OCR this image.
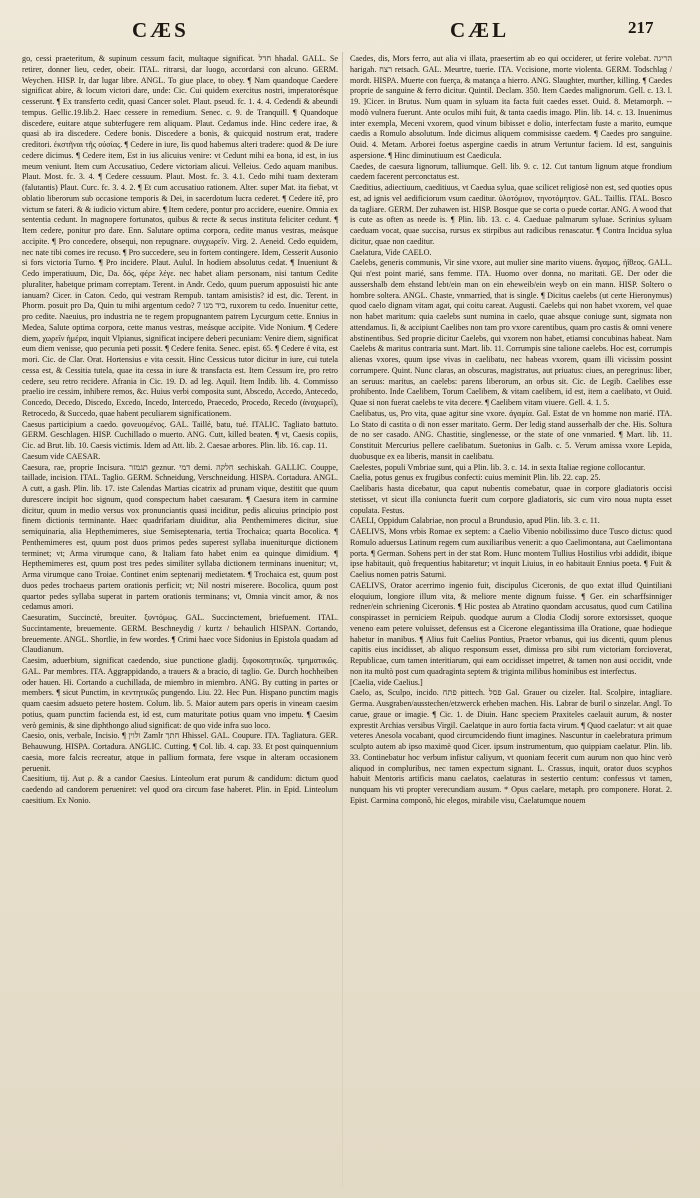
CÆS	CÆL	217

go, cessi praeteritum, & supinum cessum facit, multaque significat. חדל hhadal. GALL. Se retirer, donner lieu, ceder, obeir. ITAL. ritrarsi, dar luogo, accordarsi con alcuno. GERM. Weychen. HISP. Ir, dar lugar libre. ANGL. To giue place, to obey. ¶ Nam quandoque Caedere significat abire, & locum victori dare, unde: Cic. Cui quidem exercitus nostri, imperatorésque cesserunt. ¶ Ex transferto cedit, quasi Cancer solet. Plaut. pseud. fc. 1. 4. 4. Cedendi & abeundi tempus. Gellic.19.lib.2. Haec cessere in remedium. Senec. c. 9. de Tranquill. ¶ Quandoque discedere, euitare atque subterfugere rem aliquam. Plaut. Cedamus inde. Hinc cedere irae, & quasi ab ira discedere. Cedere bonis. Discedere a bonis, & quicquid nostrum erat, tradere creditori. ἐκστῆναι τῆς οὐσίας. ¶ Cedere in iure, Iis quod habemus alteri tradere: quod & De iure cedere dicimus. ¶ Cedere item, Est in ius alicuius venire: vt Cedunt mihi ea bona, id est, in ius meum veniunt. Item cum Accusatiuo, Cedere victoriam alicui. Velleius. Cedo aquam manibus. Plaut. Most. fc. 3. 4. ¶ Cedere cessuum. Plaut. Most. fc. 3. 4.1. Cedo mihi tuam dexteram (falutantis) Plaut. Curc. fc. 3. 4. 2. ¶ Et cum accusatiuo rationem. Alter. super Mat. ita fiebat, vt oblatio liberorum sub occasione temporis & Dei, in sacerdotum lucra cederet. ¶ Cedere itē, pro victum se fateri. & & iudicio victum abire. ¶ Item cedere, pontur pro accidere, euenire. Omnia ex sententia cedunt. In magnopere fortunatos, quibus & recte & secus instituta feliciter cedunt. ¶ Item cedere, ponitur pro dare. Enn. Salutare optima corpora, cedite manus vestras, meásque accipite. ¶ Pro concedere, obsequi, non repugnare. συγχωρεῖν. Virg. 2. Aeneid. Cedo equidem, nec nate tibi comes ire recuso. ¶ Pro succedere, seu in fortem contingere. Idem, Cesserit Ausonio si fors victoria Turno. ¶ Pro incidere. Plaut. Aulul. In hodiem absolutus cedat. ¶ Inueniunt & Cedo imperatiuum, Dic, Da. δός, φέρε λέγε. nec habet aliam personam, nisi tantum Cedite pluraliter, habetque primam correptam. Terent. in Andr. Cedo, quum puerum apposuisti hic ante ianuam? Cicer. in Caton. Cedo, qui vestram Rempub. tantam amisistis? id est, dic. Terent. in Phorm. posuit pro Da, Quin tu mihi argentum cedo? 7 ביד מנו, ruxorem tu cedo. Inuenitur cette, pro cedite. Naeuius, pro industria ne te regem propugnantem patrem Lycurgum cette. Ennius in Medea, Salute optima corpora, cette manus vestras, meásque accipite. Vide Nonium. ¶ Cedere diem, χωρεῖν ἡμέρα, inquit Vlpianus, significat incipere deberi pecuniam: Venire diem, significat eum diem venisse, quo pecunia peti possit. ¶ Cedere fenita. Senec. epist. 65. ¶ Cedere é vita, est mori. Cic. de Clar. Orat. Hortensius e vita cessit. Hinc Cessicus tutor dicitur in iure, cui tutela cessa est, & Cessitia tutela, quae ita cessa in iure & transfacta est. Item Cessum ire, pro retro cedere, seu retro recidere. Afrania in Cic. 19. D. ad leg. Aquil. Item Indib. lib. 4. Commisso praelio ire cessim, inhibere remos, &c. Huius verbi composita sunt, Abscedo, Accedo, Antecedo, Concedo, Decedo, Discedo, Excedo, Incedo, Intercedo, Praecedo, Procedo, Recedo (ἀναχωρεῖ), Retrocedo, & Succedo, quae habent peculiarem significationem.

Caesus participium a caedo. φονευομένος. GAL. Taillé, batu, tué. ITALIC. Tagliato battuto. GERM. Geschlagen. HISP. Cuchillado o muerto. ANG. Cutt, killed beaten. ¶ vt, Caesis copiis, Cic. ad Brut. lib. 10. Caesis victimis. Idem ad Att. lib. 2. Caesae arbores. Plin. lib. 16. cap. 11.

Caesum vide CAESAR.

Caesura, rae, proprie Incisura. תגמזר geznur. דמי demi. חלקה sechiskah. GALLIC. Couppe, taillade, incision. ITAL. Taglio. GERM. Schneidung, Verschneidung. HISPA. Cortadura. ANGL. A cutt, a gash. Plin. lib. 17. iste Calendas Martias cicatrix ad prunam vique, destitit que quum durescere incipit hoc signum, quod conspectum habet caesuram. ¶ Caesura item in carmine dicitur, quum in medio versus vox pronunciantis quasi inciditur, pedis alicuius principio post finem dictionis terminante. Haec quadrifariam diuiditur, alia Penthemimeres dicitur, siue semiquinaria, alia Hepthemimeres, siue Semiseptenaria, tertia Trochaica; quarta Bocolica. ¶ Penthemimeres est, quum post duos primos pedes superest syllaba inueniturque dictionem terminet; vt; Arma virumque cano, & Italiam fato habet enim ea quinque dimidium. ¶ Hepthemimeres est, quum post tres pedes similiter syllaba dictionem terminans inuenitur; vt, Arma virumque cano Troiae. Continet enim septenarij medietatem. ¶ Trochaica est, quum post duos pedes trochaeus partem orationis perficit; vt; Nil nostri miserere. Bocolica, quum post quartor pedes syllaba superat in partem orationis terminans; vt, Omnia vincit amor, & nos cedamus amori.

Caesuratim, Succinctè, breuiter. ξυντόμως. GAL. Succinctement, briefuement. ITAL. Succintamente, breuemente. GERM. Beschneydig / kurtz / behaulich HISPAN. Cortando, breuemente. ANGL. Shortlie, in few wordes. ¶ Crimi haec voce Sidonius in Epistola quadam ad Claudianum.

Caesim, aduerbium, significat caedendo, siue punctione gladij. ξιφοκοπητικῶς. τμηματικῶς. GAL. Par membres. ITA. Aggrappidando, a trauers & a bracio, di taglio. Ge. Durch hochheiben oder hauen. Hi. Cortando a cuchillada, de miembro in miembro. ANG. By cutting in partes or members. ¶ sicut Punctim, in κεντητικῶς pungendo. Liu. 22. Hec Pun. Hispano punctim magis quam caesim adsueto petere hostem. Colum. lib. 5. Maior autem pars operis in vineam caesim potius, quam punctim facienda est, id est, cum maturitate potius quam vno impetu. ¶ Caesim verò geminis, & sine diphthongo aliud significat: de quo vide infra suo loco.

Caesio, onis, verbale, Incisio. ¶ ולוין Zamlr חתך Hhissel. GAL. Coupure. ITA. Tagliatura. GER. Behauwung. HISPA. Cortadura. ANGLIC. Cutting. ¶ Col. lib. 4. cap. 33. Et post quinquennium caesia, more falcis recreatur, atque in pallium formata, fere vsque in alteram occasionem peruenit.

Caesitium, tij. Aut ρ. & a candor Caesius. Linteolum erat purum & candidum: dictum quod caedendo ad candorem perueniret: vel quod ora circum fase haberet. Plin. in Epid. Linteolum caesitium. Ex Nonio.

Caedes, dis, Mors ferro, aut alia vi illata, praesertim ab eo qui occiderer, ut ferire volebat. הריגה harigah. רצח retsach. GAL. Meurtre, tuerie. ITA. Vccisione, morte violenta. GERM. Todschlag / mordt. HISPA. Muerte con fuerça, & matança a hierro. ANG. Slaughter, murther, killing. ¶ Caedes proprie de sanguine & ferro dicitur. Quintil. Declam. 350. Item Caedes malignorum. Gell. c. 13. l. 19. ]Cicer. in Brutus. Num quam in syluam ita facta fuit caedes esset. Ouid. 8. Metamorph. -- modò vulnera fuerunt. Ante oculos mihi fuit, & tanta caedis imago. Plin. lib. 14. c. 13. Inuenimus inter exempla, Meceni vxorem, quod vinum bibisset e dolio, interfectam fuste a marito, eumque caedis a Romulo absolutum. Inde dicimus aliquem commisisse caedem. ¶ Caedes pro sanguine. Ouid. 4. Metam. Arborei foetus aspergine caedis in atrum Vertuntur faciem. Id est, sanguinis aspersione. ¶ Hinc diminutiuum est Caedicula.

Caedes, de caesura lignorum, talliumque. Gell. lib. 9. c. 12. Cut tantum lignum atque frondium caedem facerent perconctatus est.

Caeditius, adiectiuum, caeditiuus, vt Caedua sylua, quae scilicet religiosè non est, sed quoties opus est, ad ignis vel aedificiorum vsum caeditur. ὑλοτόμιον, τηνοτόμητον. GAL. Taillis. ITAL. Bosco da tagliare. GERM. Der zuhawen ist. HISP. Bosque que se corta o puede cortar. ANG. A wood that is cute as often as neede is. ¶ Plin. lib. 13. c. 4. Caeduae palmarum syluae. Scrinius syluam caeduam vocat, quae succisa, rursus ex stirpibus aut radicibus renascatur. ¶ Contra Incidua sylua dicitur, quae non caeditur.

Caelatura, Vide CAELO.

Caelebs, generis communis, Vir sine vxore, aut mulier sine marito viuens. ἄγαμος, ἠΐθεος. GALL. Qui n'est point marié, sans femme. ITA. Huomo over donna, no maritati. GE. Der oder die aussershalb dem ehstand lebt/ein man on ein eheweib/ein weyb on ein mann. HISP. Soltero o hombre soltera. ANGL. Chaste, vnmarried, that is single. ¶ Dicitus caelebs (ut certe Hieronymus) quod caelo dignam vitam agat, qui coitu careat. Augusti. Caelebs qui non habet vxorem, vel quae non habet maritum: quia caelebs sunt numina in caelo, quae absque coniuge sunt, sigmata non attendamus. Ii, & accipiunt Caelibes non tam pro vxore carentibus, quam pro castis & omni venere abstinentibus. Sed proprie dicitur Caelebs, qui vxorem non habet, etiamsi concubinas habeat. Nam Caelebs & maritus contraria sunt. Mart. lib. 11. Corrumpis sine talione caelebs. Hoc est, corrumpis alienas vxores, quum ipse vivas in caelibatu, nec habeas vxorem, quam illi vicissim possint corrumpere. Quint. Nunc claras, an obscuras, magistratus, aut priuatus: ciues, an peregrinus: liber, an seruus: maritus, an caelebs: parens liberorum, an orbus sit. Cic. de Legib. Caelibes esse prohibento. Inde Caelibem, Torum Caelibem, & vitam caelibem, id est, item a caelibato, vt Ouid. Quae si non fuerat caelebs te vita decere. ¶ Caelibem vitam viuere. Gell. 4. 1. 5.

Caelibatus, us, Pro vita, quae agitur sine vxore. ἀγαμία. Gal. Estat de vn homme non marié. ITA. Lo Stato di castita o di non esser maritato. Germ. Der ledig stand ausserhalb der che. His. Soltura de no ser casado. ANG. Chastitie, singlenesse, or the state of one vnmaried. ¶ Mart. lib. 11. Constituit Mercurius pellere caelibatum. Suetonius in Galb. c. 5. Verum amissa vxore Lepida, duobusque ex ea liberis, mansit in caelibatu.

Caelestes, populi Vmbriae sunt, qui a Plin. lib. 3. c. 14. in sexta Italiae regione collocantur.

Caelia, potus genus ex frugibus confecti: cuius meminit Plin. lib. 22. cap. 25.

Caelibaris hasta dicebatur, qua caput nubentis comebatur, quae in corpore gladiatoris occisi stetisset, vt sicut illa coniuncta fuerit cum corpore gladiatoris, sic cum viro noua nupta esset copulata. Festus.

CAELI, Oppidum Calabriae, non procul a Brundusio, apud Plin. lib. 3. c. 11.

CAELIVS, Mons vrbis Romae ex septem: a Caelio Vibenio nobilissimo duce Tusco dictus: quod Romulo aduersus Latinum regem cum auxiliaribus venerit: a quo Caelimontana, aut Caelimontana porta. ¶ German. Sohens pert in der stat Rom. Hunc montem Tullius Hostilius vrbi addidit, ibique ipse habitauit, quò frequentius habitaretur; vt inquit Liuius, in eo habitauit Ennius poeta. ¶ Fuit & Caelius nomen patris Saturni.

CAELIVS, Orator acerrimo ingenio fuit, discipulus Ciceronis, de quo extat illud Quintiliani eloquium, longiore illum vita, & meliore mente dignum fuisse. ¶ Ger. ein scharffsinniger redner/ein schriening Ciceronis. ¶ Hic postea ab Atratino quondam accusatus, quod cum Catilina conspirasset in perniciem Reipub. quodque aurum a Clodia Clodij sorore extorsisset, quoque veneno eam petere voluisset, defensus est a Cicerone elegantissima illa Oratione, quae hodieque habetur in manibus. ¶ Alius fuit Caelius Pontius, Praetor vrbanus, qui ius dicenti, quum plenus capitis eius incidisset, ab aliquo responsum esset, dimissa pro sibi rum victoriam forcioverat, Republicae, cum tamen interitiarum, qui eam occidisset impetret, & tamen non ausi occidit, vnde non ita multò post cum quadraginta septem & triginta milibus hominibus est interfectus.

[Caelia, vide Caelius.]

Caelo, as, Sculpo, incido. פתח pittech. פסל Gal. Grauer ou cizeler. Ital. Scolpire, intagliare. Germa. Ausgraben/ausstechen/etzwerck erheben machen. His. Labrar de buril o sinzelar. Angl. To carue, graue or imagie. ¶ Cic. 1. de Diuin. Hanc speciem Praxiteles caelauit aurum, & noster exprestit Archias versibus Virgil. Caelatque in auro fortia facta virum. ¶ Quod caelatur: vt ait quae veteres Anesola vocabant, quod circumcidendo fiunt imagines. Nascuntur in caelebratura primum sculpto autem ab ipso maximè quod Cicer. ipsum instrumentum, quo quippiam caelatur. Plin. lib. 33. Continebatur hoc verbum infistur caliyum, vt quoniam fecerit cum aurum non quo hinc verò aliquod in compluribus, nec tamen expectum signant. L. Crassus, inquit, orator duos scyphos habuit Mentoris artificis manu caelatos, caelaturas in sestertio centum: confessus vt tamen, nunquam his vti propter verecundiam ausum. * Opus caelare, metaph. pro componere. Horat. 2. Epist. Carmina componō, hic elegos, mirabile visu, Caelatumque nouem
